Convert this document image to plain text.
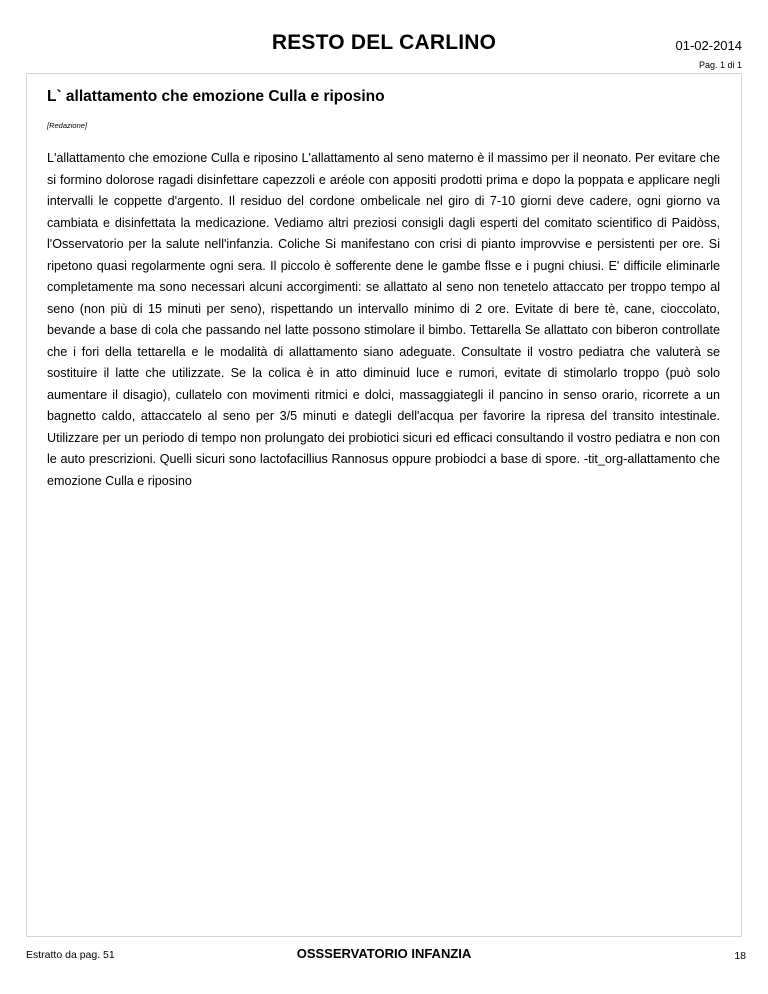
RESTO DEL CARLINO	01-02-2014
Pag. 1 di 1
L` allattamento che emozione Culla e riposino
[Redazione]

L'allattamento che emozione Culla e riposino L'allattamento al seno materno è il massimo per il neonato. Per evitare che si formino dolorose ragadi disinfettare capezzoli e aréole con appositi prodotti prima e dopo la poppata e applicare negli intervalli le coppette d'argento. Il residuo del cordone ombelicale nel giro di 7-10 giorni deve cadere, ogni giorno va cambiata e disinfettata la medicazione. Vediamo altri preziosi consigli dagli esperti del comitato scientifico di Paidòss, l'Osservatorio per la salute nell'infanzia. Coliche Si manifestano con crisi di pianto improvvise e persistenti per ore. Si ripetono quasi regolarmente ogni sera. Il piccolo è sofferente dene le gambe flsse e i pugni chiusi. E' difficile eliminarle completamente ma sono necessari alcuni accorgimenti: se allattato al seno non tenetelo attaccato per troppo tempo al seno (non più di 15 minuti per seno), rispettando un intervallo minimo di 2 ore. Evitate di bere tè, cane, cioccolato, bevande a base di cola che passando nel latte possono stimolare il bimbo. Tettarella Se allattato con biberon controllate che i fori della tettarella e le modalità di allattamento siano adeguate. Consultate il vostro pediatra che valuterà se sostituire il latte che utilizzate. Se la colica è in atto diminuid luce e rumori, evitate di stimolarlo troppo (può solo aumentare il disagio), cullatelo con movimenti ritmici e dolci, massaggiategli il pancino in senso orario, ricorrete a un bagnetto caldo, attaccatelo al seno per 3/5 minuti e dategli dell'acqua per favorire la ripresa del transito intestinale. Utilizzare per un periodo di tempo non prolungato dei probiotici sicuri ed efficaci consultando il vostro pediatra e non con le auto prescrizioni. Quelli sicuri sono lactofacillius Rannosus oppure probiodci a base di spore. -tit_org-allattamento che emozione Culla e riposino

Estratto da pag. 51	OSSSERVATORIO INFANZIA	18
